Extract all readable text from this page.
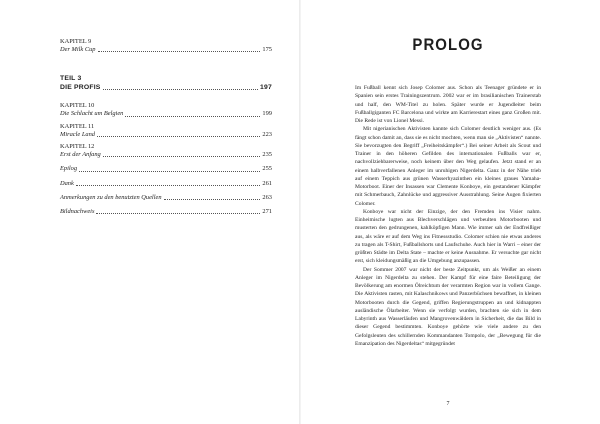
KAPITEL 9
Der Milk Cup	175
TEIL 3
DIE PROFIS	197
KAPITEL 10
Die Schlacht um Belgien	199
KAPITEL 11
Miracle Land	223
KAPITEL 12
Erst der Anfang	235
Epilog	255
Dank	261
Anmerkungen zu den benutzten Quellen	263
Bildnachweis	271
PROLOG

Im Fußball kennt sich Josep Colomer aus. Schon als Teenager gründete er in Spanien sein erstes Trainingszentrum. 2002 war er im brasilianischen Trainerstab und half, den WM-Titel zu holen. Später wurde er Jugendleiter beim Fußballgiganten FC Barcelona und wirkte am Karrierestart eines ganz Großen mit. Die Rede ist von Lionel Messi.

Mit nigerianischen Aktivisten kannte sich Colomer deutlich weniger aus. (Es fängt schon damit an, dass sie es nicht mochten, wenn man sie „Aktivisten“ nannte. Sie bevorzugten den Begriff „Freiheitskämpfer“.) Bei seiner Arbeit als Scout und Trainer in den höheren Gefilden des internationalen Fußballs war er, nachvollziehbarerweise, noch keinem über den Weg gelaufen. Jetzt stand er an einem halbverfallenen Anleger im unruhigen Nigerdelta. Ganz in der Nähe trieb auf einem Teppich aus grünen Wasserhyazinthen ein kleines graues Yamaha-Motorboot. Einer der Insassen war Clemente Konboye, ein gestandener Kämpfer mit Schmerbauch, Zahnlücke und aggressiver Ausstrahlung. Seine Augen fixierten Colomer.

Konboye war nicht der Einzige, der den Fremden ins Visier nahm. Einheimische lugten aus Blechverschlägen und verbeulten Motorbooten und musterten den gedrungenen, kahlköpfigen Mann. Wie immer sah der Endfreißiger aus, als wäre er auf dem Weg ins Fitnessstudio. Colomer schien nie etwas anderes zu tragen als T-Shirt, Fußballshorts und Laufschuhe. Auch hier in Warri – einer der größten Städte im Delta State – machte er keine Ausnahme. Er versuchte gar nicht erst, sich kleidungsmäßig an die Umgebung anzupassen.

Der Sommer 2007 war nicht der beste Zeitpunkt, um als Weißer an einem Anleger im Nigerdelta zu stehen. Der Kampf für eine faire Beteiligung der Bevölkerung am enormen Ölreichtum der verarmten Region war in vollem Gange. Die Aktivisten rasten, mit Kalaschnikows und Panzerbüchsen bewaffnet, in kleinen Motorbooten durch die Gegend, griffen Regierungstruppen an und kidnappten ausländische Ölarbeiter. Wenn sie verfolgt wurden, brachten sie sich in dem Labyrinth aus Wasserläufen und Mangrovenwäldern in Sicherheit, die das Bild in dieser Gegend bestimmten. Konboye gehörte wie viele andere zu den Gefolgsleuten des schillernden Kommandanten Tompolo, der „Bewegung für die Emanzipation des Nigerdeltas“ mitgegründet

7
